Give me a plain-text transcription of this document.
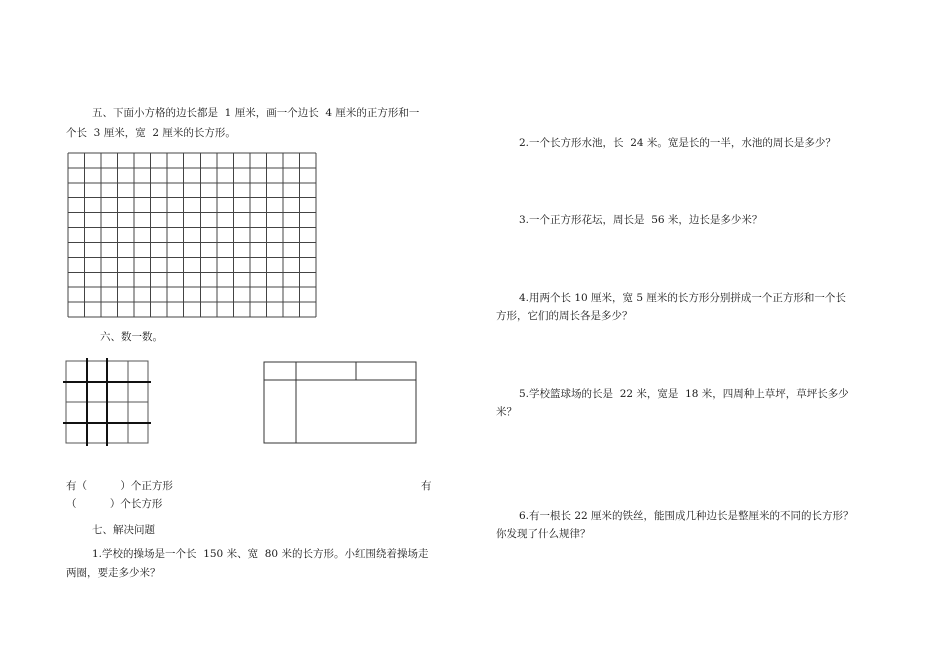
五、下面小方格的边长都是  1 厘米，画一个边长  4 厘米的正方形和一
个长  3 厘米，宽  2 厘米的长方形。
六、数一数。
有（          ）个正方形	有
（          ）个长方形
七、解决问题
1.学校的操场是一个长  150 米、宽  80 米的长方形。小红围绕着操场走
两圈，要走多少米？
2.一个长方形水池，长  24 米。宽是长的一半，水池的周长是多少？
3.一个正方形花坛，周长是  56 米，边长是多少米？
4.用两个长 10 厘米，宽 5 厘米的长方形分别拼成一个正方形和一个长
方形，它们的周长各是多少？
5.学校篮球场的长是  22 米，宽是  18 米，四周种上草坪，草坪长多少
米？
6.有一根长 22 厘米的铁丝，能围成几种边长是整厘米的不同的长方形？
你发现了什么规律？
